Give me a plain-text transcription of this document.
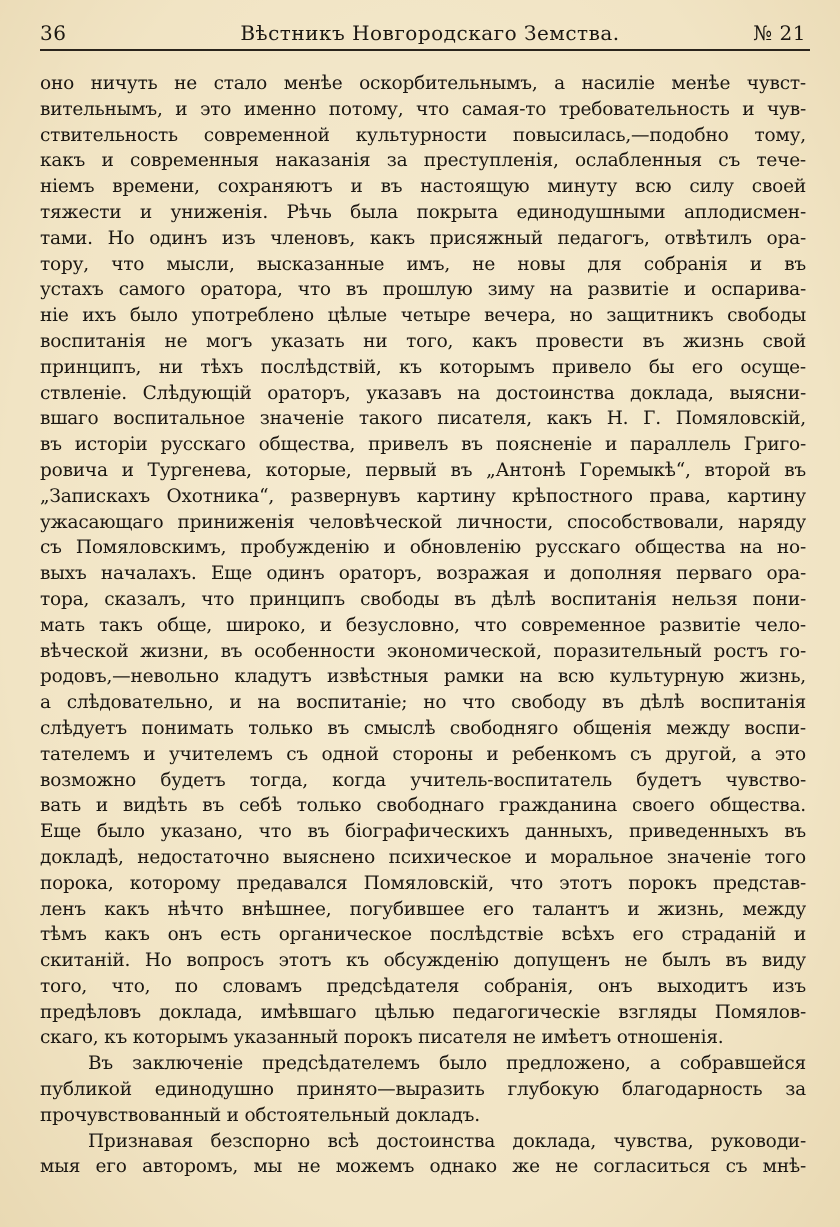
36	Вѣстникъ Новгородскаго Земства.	№ 21
оно ничуть не стало менѣе оскорбительнымъ, а насиліе менѣе чувст-
вительнымъ, и это именно потому, что самая-то требовательность и чув-
ствительность современной культурности повысилась,—подобно тому,
какъ и современныя наказанія за преступленія, ослабленныя съ тече-
ніемъ времени, сохраняютъ и въ настоящую минуту всю силу своей
тяжести и униженія. Рѣчь была покрыта единодушными аплодисмен-
тами. Но одинъ изъ членовъ, какъ присяжный педагогъ, отвѣтилъ ора-
тору, что мысли, высказанные имъ, не новы для собранія и въ
устахъ самого оратора, что въ прошлую зиму на развитіе и оспарива-
ніе ихъ было употреблено цѣлые четыре вечера, но защитникъ свободы
воспитанія не могъ указать ни того, какъ провести въ жизнь свой
принципъ, ни тѣхъ послѣдствій, къ которымъ привело бы его осуще-
ствленіе. Слѣдующій ораторъ, указавъ на достоинства доклада, выясни-
вшаго воспитальное значеніе такого писателя, какъ Н. Г. Помяловскій,
въ исторіи русскаго общества, привелъ въ поясненіе и параллель Григо-
ровича и Тургенева, которые, первый въ „Антонѣ Горемыкѣ“, второй въ
„Запискахъ Охотника“, развернувъ картину крѣпостного права, картину
ужасающаго приниженія человѣческой личности, способствовали, наряду
съ Помяловскимъ, пробужденію и обновленію русскаго общества на но-
выхъ началахъ. Еще одинъ ораторъ, возражая и дополняя перваго ора-
тора, сказалъ, что принципъ свободы въ дѣлѣ воспитанія нельзя пони-
мать такъ обще, широко, и безусловно, что современное развитіе чело-
вѣческой жизни, въ особенности экономической, поразительный ростъ го-
родовъ,—невольно кладутъ извѣстныя рамки на всю культурную жизнь,
а слѣдовательно, и на воспитаніе; но что свободу въ дѣлѣ воспитанія
слѣдуетъ понимать только въ смыслѣ свободняго общенія между воспи-
тателемъ и учителемъ съ одной стороны и ребенкомъ съ другой, а это
возможно будетъ тогда, когда учитель-воспитатель будетъ чувство-
вать и видѣть въ себѣ только свободнаго гражданина своего общества.
Еще было указано, что въ біографическихъ данныхъ, приведенныхъ въ
докладѣ, недостаточно выяснено психическое и моральное значеніе того
порока, которому предавался Помяловскій, что этотъ порокъ представ-
ленъ какъ нѣчто внѣшнее, погубившее его талантъ и жизнь, между
тѣмъ какъ онъ есть органическое послѣдствіе всѣхъ его страданій и
скитаній. Но вопросъ этотъ къ обсужденію допущенъ не былъ въ виду
того, что, по словамъ предсѣдателя собранія, онъ выходитъ изъ
предѣловъ доклада, имѣвшаго цѣлью педагогическіе взгляды Помялов-
скаго, къ которымъ указанный порокъ писателя не имѣетъ отношенія.
Въ заключеніе предсѣдателемъ было предложено, а собравшейся
публикой единодушно принято—выразить глубокую благодарность за
прочувствованный и обстоятельный докладъ.
Признавая безспорно всѣ достоинства доклада, чувства, руководи-
мыя его авторомъ, мы не можемъ однако же не согласиться съ мнѣ-
